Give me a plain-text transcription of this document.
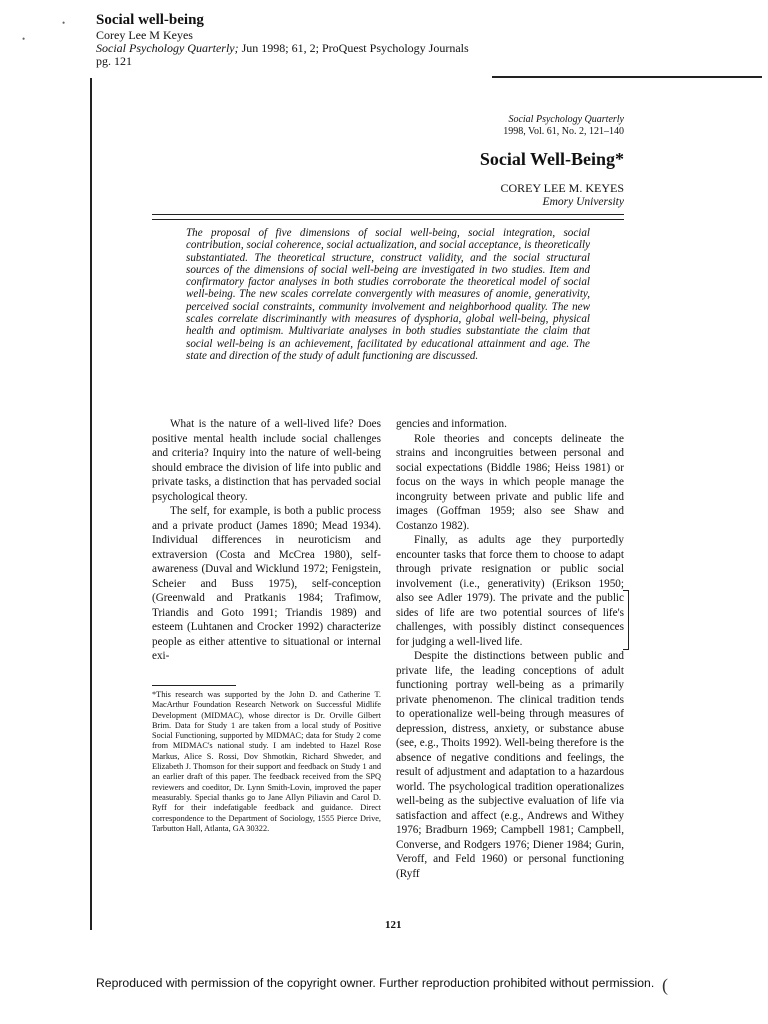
•
•
Social well-being
Corey Lee M Keyes
Social Psychology Quarterly; Jun 1998; 61, 2; ProQuest Psychology Journals
pg. 121
Social Psychology Quarterly
1998, Vol. 61, No. 2, 121–140
Social Well-Being*
COREY LEE M. KEYES
Emory University
The proposal of five dimensions of social well-being, social integration, social contribution, social coherence, social actualization, and social acceptance, is theoretically substantiated. The theoretical structure, construct validity, and the social structural sources of the dimensions of social well-being are investigated in two studies. Item and confirmatory factor analyses in both studies corroborate the theoretical model of social well-being. The new scales correlate convergently with measures of anomie, generativity, perceived social constraints, community involvement and neighborhood quality. The new scales correlate discriminantly with measures of dysphoria, global well-being, physical health and optimism. Multivariate analyses in both studies substantiate the claim that social well-being is an achievement, facilitated by educational attainment and age. The state and direction of the study of adult functioning are discussed.

What is the nature of a well-lived life? Does positive mental health include social challenges and criteria? Inquiry into the nature of well-being should embrace the division of life into public and private tasks, a distinction that has pervaded social psychological theory.

The self, for example, is both a public process and a private product (James 1890; Mead 1934). Individual differences in neuroticism and extraversion (Costa and McCrea 1980), self-awareness (Duval and Wicklund 1972; Fenigstein, Scheier and Buss 1975), self-conception (Greenwald and Pratkanis 1984; Trafimow, Triandis and Goto 1991; Triandis 1989) and esteem (Luhtanen and Crocker 1992) characterize people as either attentive to situational or internal exi-

*This research was supported by the John D. and Catherine T. MacArthur Foundation Research Network on Successful Midlife Development (MIDMAC), whose director is Dr. Orville Gilbert Brim. Data for Study 1 are taken from a local study of Positive Social Functioning, supported by MIDMAC; data for Study 2 come from MIDMAC's national study. I am indebted to Hazel Rose Markus, Alice S. Rossi, Dov Shmotkin, Richard Shweder, and Elizabeth J. Thomson for their support and feedback on Study 1 and an earlier draft of this paper. The feedback received from the SPQ reviewers and coeditor, Dr. Lynn Smith-Lovin, improved the paper measurably. Special thanks go to Jane Allyn Piliavin and Carol D. Ryff for their indefatigable feedback and guidance. Direct correspondence to the Department of Sociology, 1555 Pierce Drive, Tarbutton Hall, Atlanta, GA 30322.

gencies and information.

Role theories and concepts delineate the strains and incongruities between personal and social expectations (Biddle 1986; Heiss 1981) or focus on the ways in which people manage the incongruity between private and public life and images (Goffman 1959; also see Shaw and Costanzo 1982).

Finally, as adults age they purportedly encounter tasks that force them to choose to adapt through private resignation or public social involvement (i.e., generativity) (Erikson 1950; also see Adler 1979). The private and the public sides of life are two potential sources of life's challenges, with possibly distinct consequences for judging a well-lived life.

Despite the distinctions between public and private life, the leading conceptions of adult functioning portray well-being as a primarily private phenomenon. The clinical tradition tends to operationalize well-being through measures of depression, distress, anxiety, or substance abuse (see, e.g., Thoits 1992). Well-being therefore is the absence of negative conditions and feelings, the result of adjustment and adaptation to a hazardous world. The psychological tradition operationalizes well-being as the subjective evaluation of life via satisfaction and affect (e.g., Andrews and Withey 1976; Bradburn 1969; Campbell 1981; Campbell, Converse, and Rodgers 1976; Diener 1984; Gurin, Veroff, and Feld 1960) or personal functioning (Ryff

121
Reproduced with permission of the copyright owner. Further reproduction prohibited without permission. (
